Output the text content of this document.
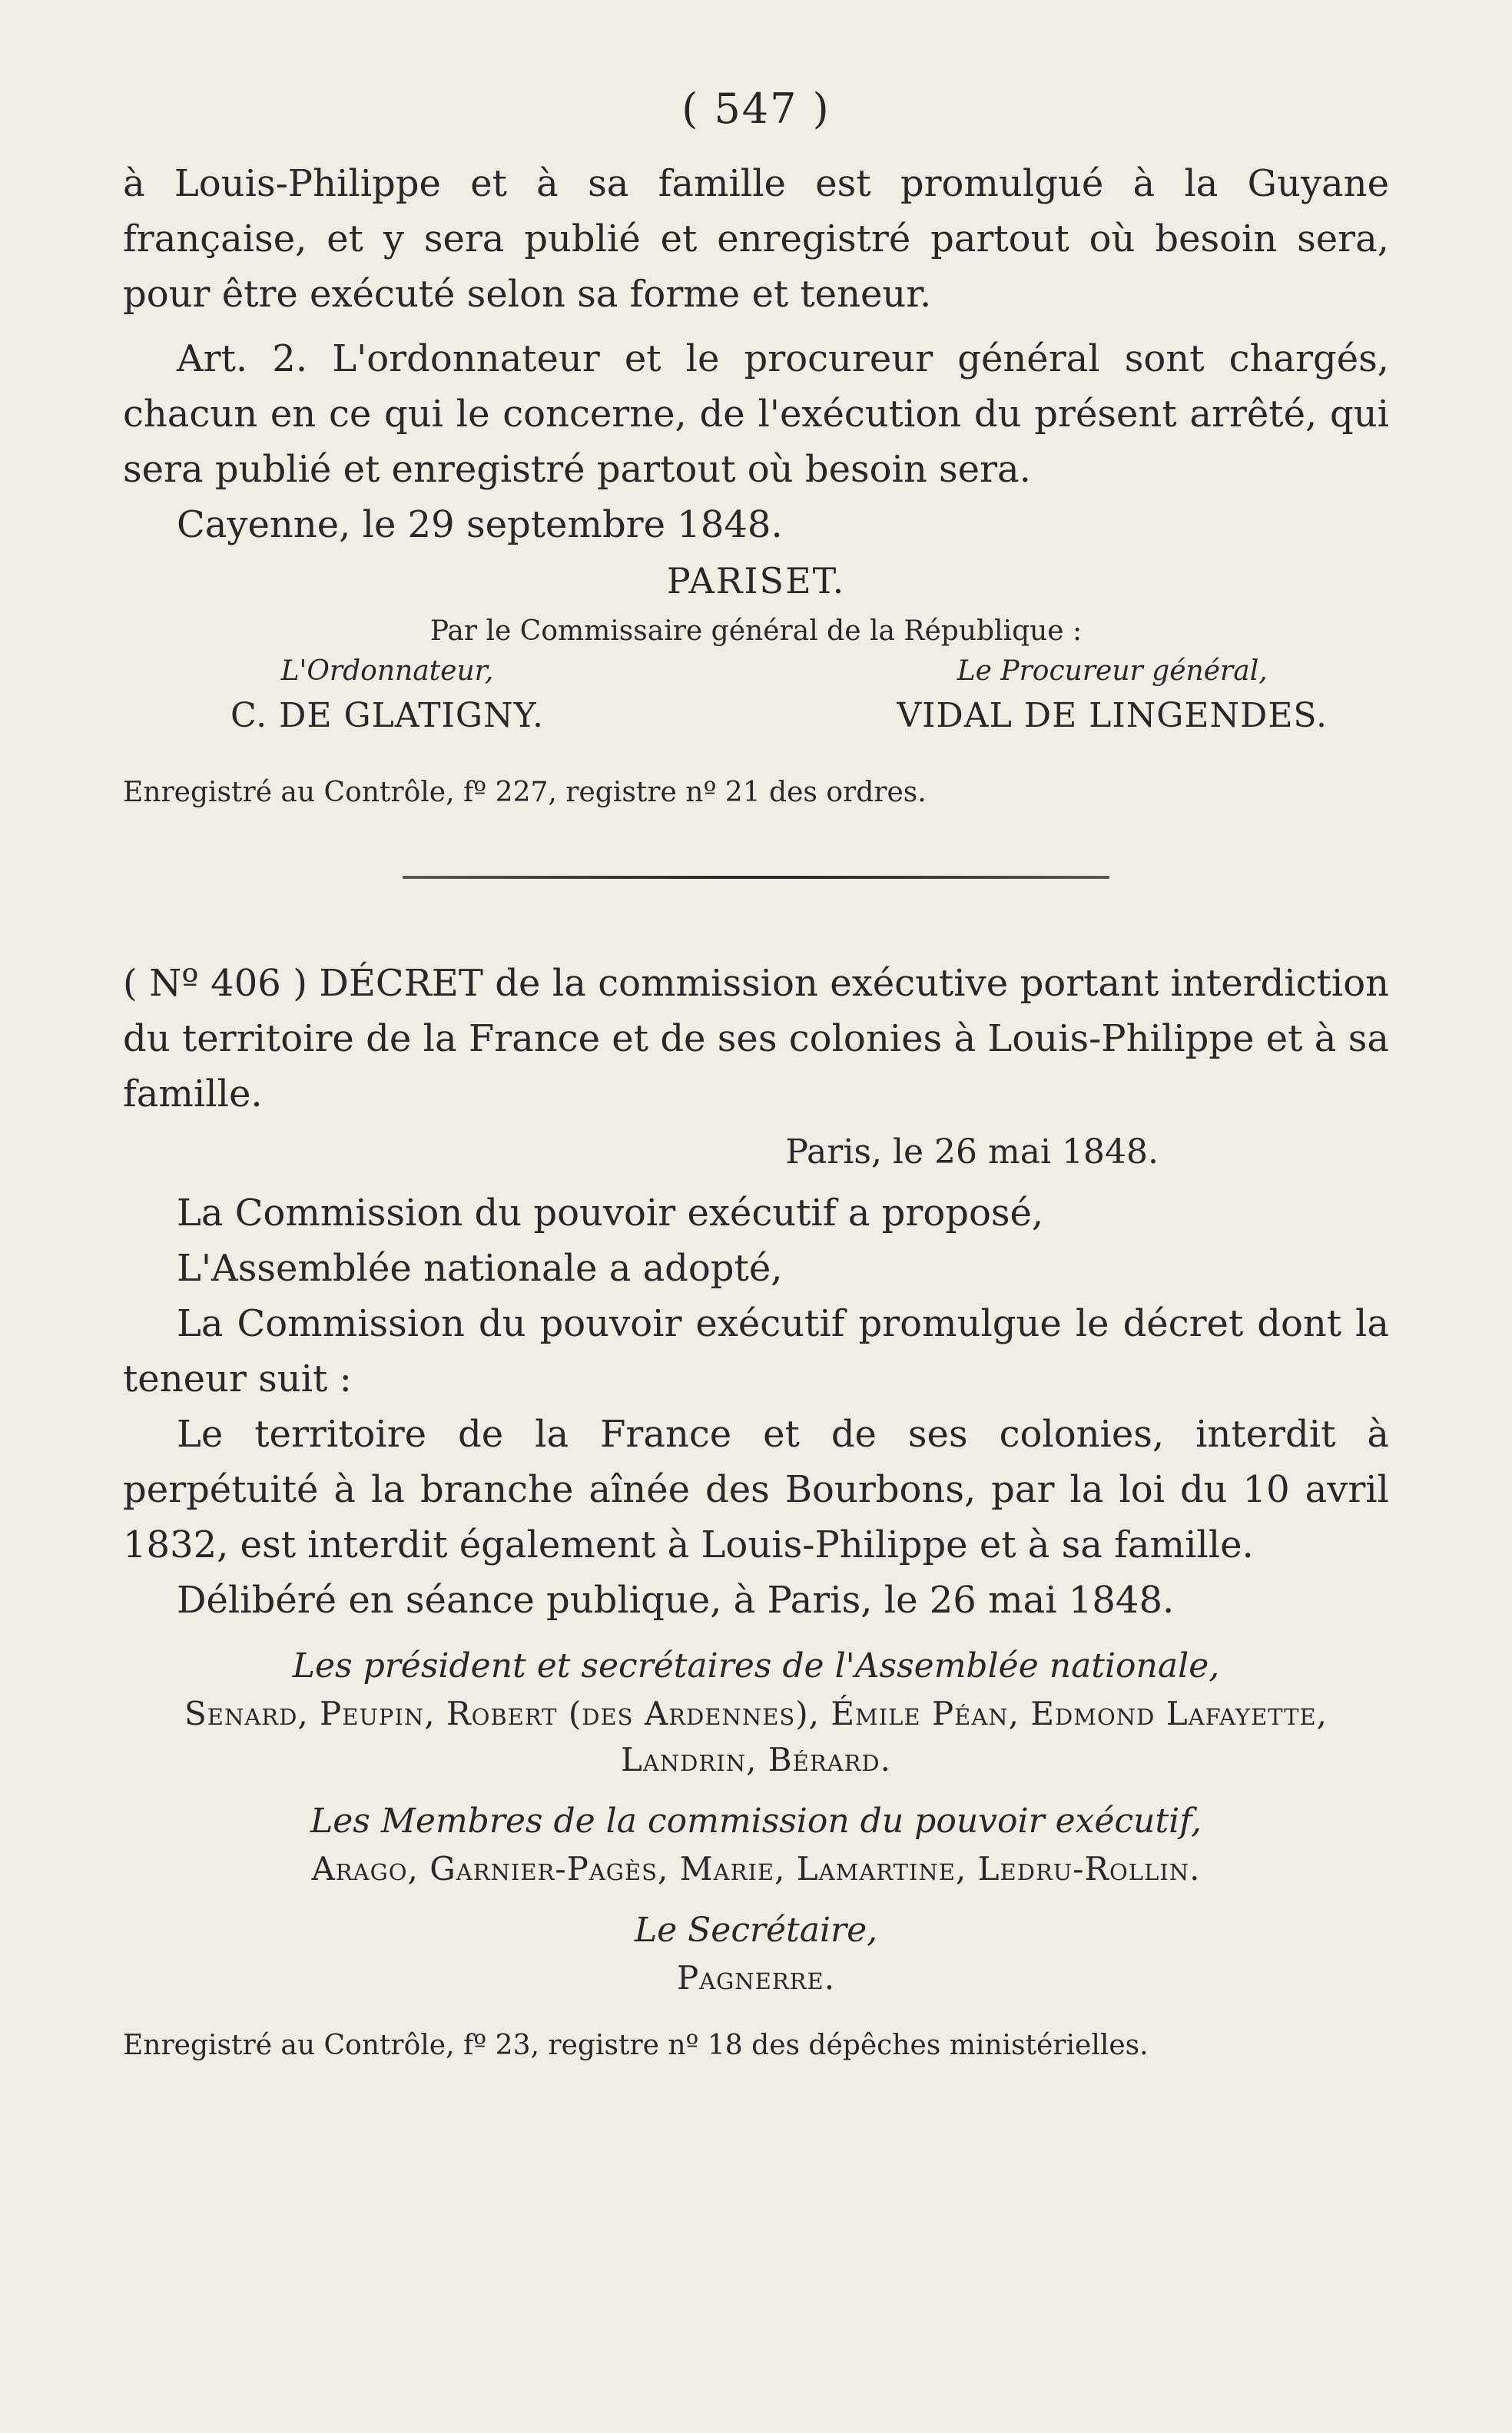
( 547 )

à Louis-Philippe et à sa famille est promulgué à la Guyane française, et y sera publié et enregistré partout où besoin sera, pour être exécuté selon sa forme et teneur.

Art. 2. L'ordonnateur et le procureur général sont chargés, chacun en ce qui le concerne, de l'exécution du présent arrêté, qui sera publié et enregistré partout où besoin sera.

Cayenne, le 29 septembre 1848.

PARISET.
Par le Commissaire général de la République :
L'Ordonnateur,
C. DE GLATIGNY.
Le Procureur général,
VIDAL DE LINGENDES.

Enregistré au Contrôle, fº 227, registre nº 21 des ordres.

( Nº 406 ) DÉCRET de la commission exécutive portant interdiction du territoire de la France et de ses colonies à Louis-Philippe et à sa famille.

Paris, le 26 mai 1848.

La Commission du pouvoir exécutif a proposé,

L'Assemblée nationale a adopté,

La Commission du pouvoir exécutif promulgue le décret dont la teneur suit :

Le territoire de la France et de ses colonies, interdit à perpétuité à la branche aînée des Bourbons, par la loi du 10 avril 1832, est interdit également à Louis-Philippe et à sa famille.

Délibéré en séance publique, à Paris, le 26 mai 1848.

Les président et secrétaires de l'Assemblée nationale,
Senard, Peupin, Robert (des Ardennes), Émile Péan, Edmond Lafayette, Landrin, Bérard.
Les Membres de la commission du pouvoir exécutif,
Arago, Garnier-Pagès, Marie, Lamartine, Ledru-Rollin.
Le Secrétaire,
Pagnerre.

Enregistré au Contrôle, fº 23, registre nº 18 des dépêches ministérielles.
